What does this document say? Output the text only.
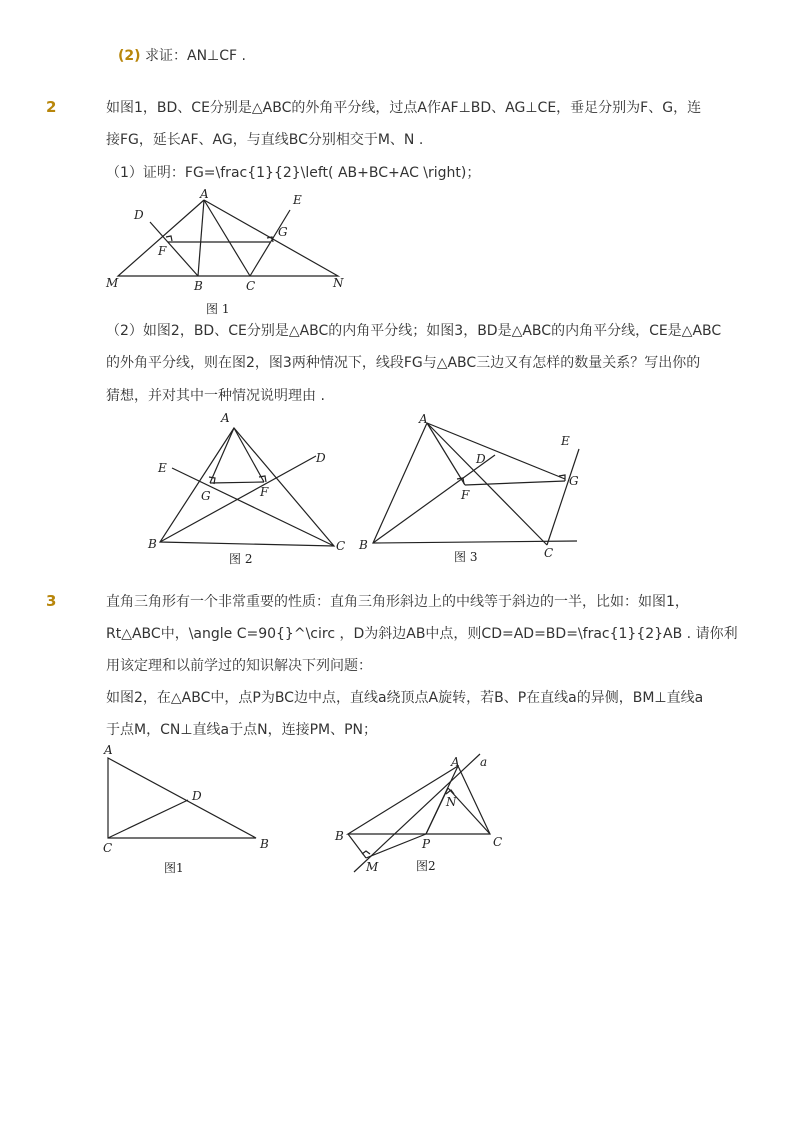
(2) 求证：AN⊥CF .
2	如图1，BD、CE分别是△ABC的外角平分线，过点A作AF⊥BD、AG⊥CE，垂足分别为F、G，连
接FG，延长AF、AG，与直线BC分别相交于M、N .
（1）证明：FG=\frac{1}{2}\left( AB+BC+AC \right)；
A
D
E
F
G
M	B	C	N
图 1
（2）如图2，BD、CE分别是△ABC的内角平分线；如图3，BD是△ABC的内角平分线，CE是△ABC
的外角平分线，则在图2，图3两种情况下，线段FG与△ABC三边又有怎样的数量关系？写出你的
猜想，并对其中一种情况说明理由 .
A
E
D
G	F
B	C
图 2
A
E
D
F
G
B
C
图 3
3	直角三角形有一个非常重要的性质：直角三角形斜边上的中线等于斜边的一半，比如：如图1，
Rt△ABC中，\angle C=90{}^\circ ，D为斜边AB中点，则CD=AD=BD=\frac{1}{2}AB . 请你利
用该定理和以前学过的知识解决下列问题：
如图2，在△ABC中，点P为BC边中点，直线a绕顶点A旋转，若B、P在直线a的异侧，BM⊥直线a
于点M，CN⊥直线a于点N，连接PM、PN；
A
D
C	B
图1
A a
N
B
P	C
M	图2
